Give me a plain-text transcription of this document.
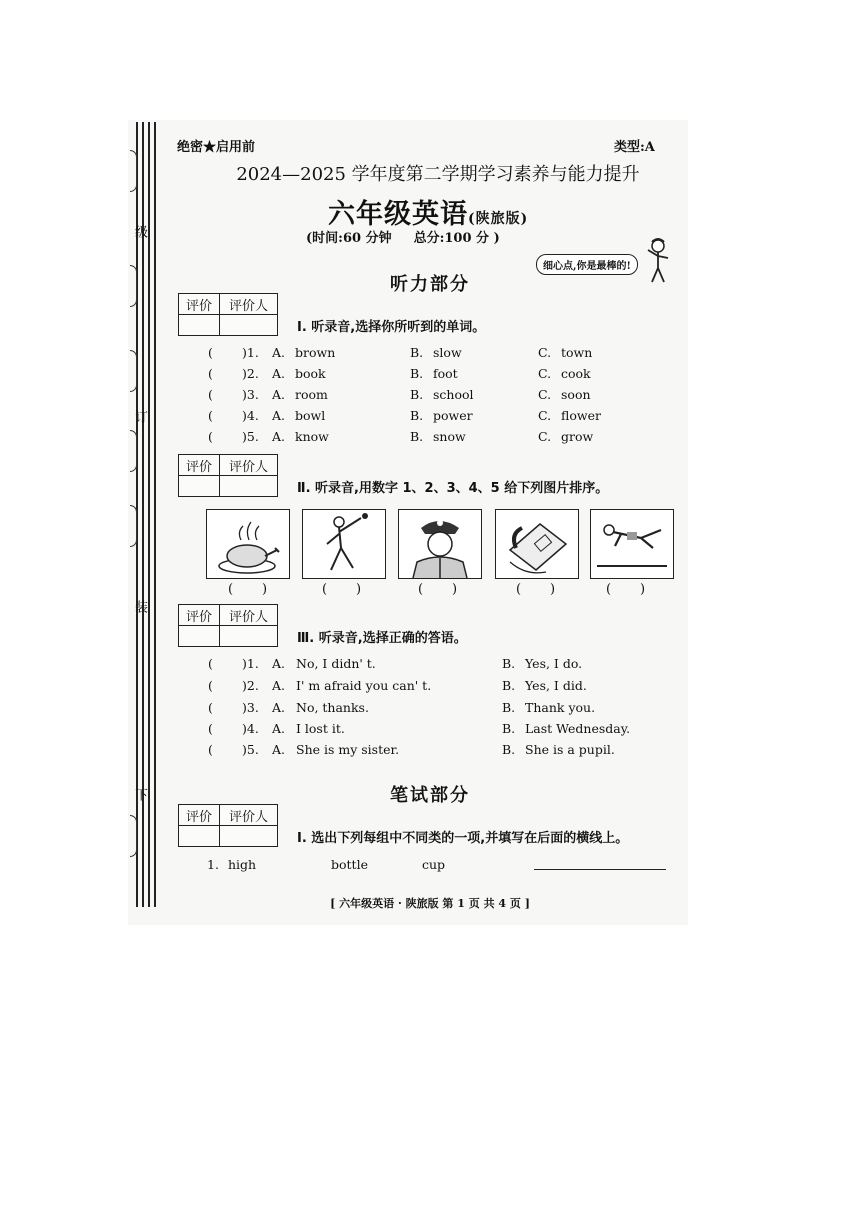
级
订
装
下
绝密★启用前	类型:A
2024—2025 学年度第二学期学习素养与能力提升
六年级英语(陕旅版)
(时间:60 分钟 总分:100 分 )
细心点,你是最棒的!
听力部分
评价	评价人

Ⅰ. 听录音,选择你所听到的单词。
( )1. A. brown	B. slow	C. town
( )2. A. book	B. foot	C. cook
( )3. A. room	B. school	C. soon
( )4. A. bowl	B. power	C. flower
( )5. A. know	B. snow	C. grow
评价	评价人

Ⅱ. 听录音,用数字 1、2、3、4、5 给下列图片排序。
(       )	(       )	(       )	(       )	(       )
评价	评价人

Ⅲ. 听录音,选择正确的答语。
( )1. A. No, I didn' t.	B. Yes, I do.
( )2. A. I' m afraid you can' t.	B. Yes, I did.
( )3. A. No, thanks.	B. Thank you.
( )4. A. I lost it.	B. Last Wednesday.
( )5. A. She is my sister.	B. She is a pupil.
笔试部分
评价	评价人

Ⅰ. 选出下列每组中不同类的一项,并填写在后面的横线上。
1. high	bottle	cup
[ 六年级英语 · 陕旅版 第 1 页 共 4 页 ]
